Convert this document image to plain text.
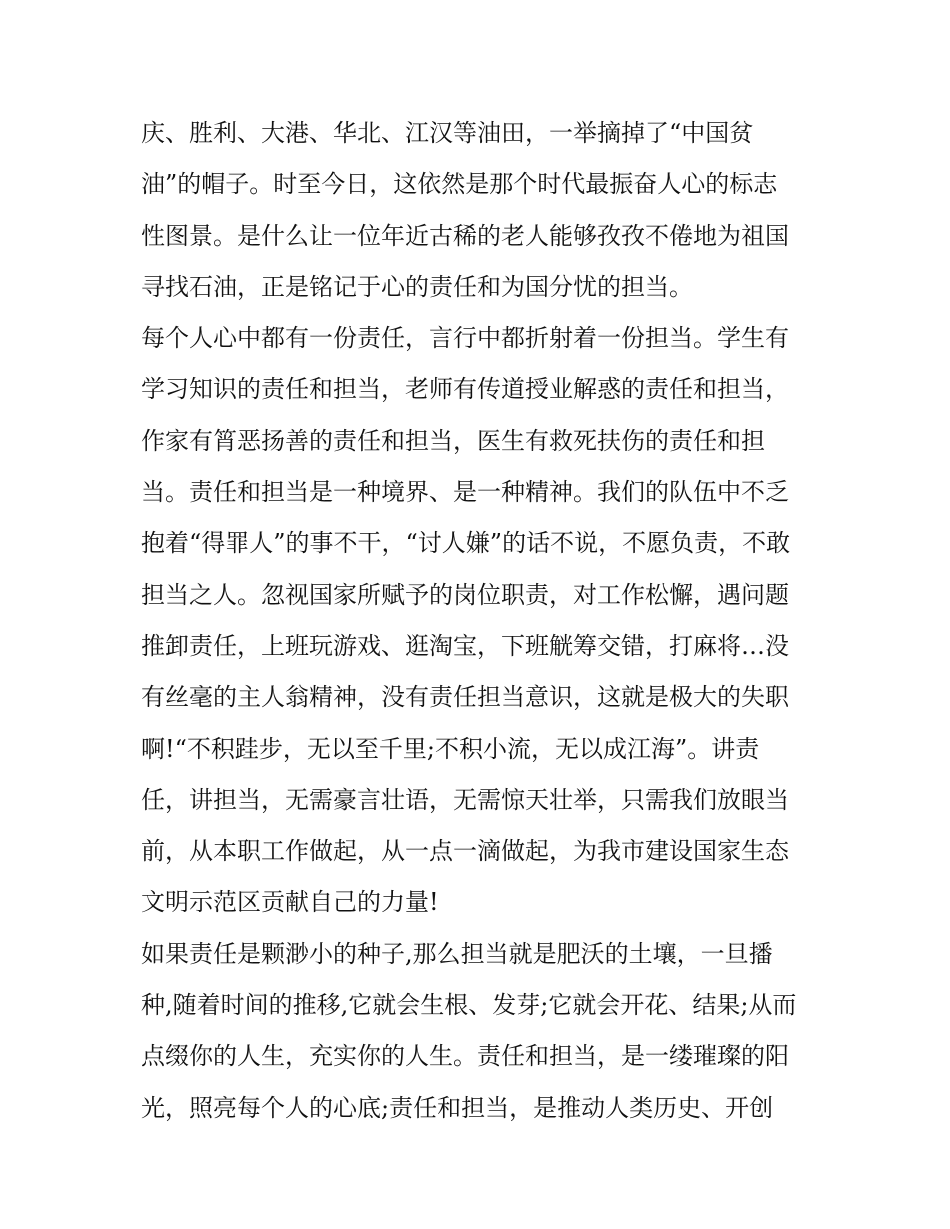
庆、胜利、大港、华北、江汉等油田，一举摘掉了“中国贫
油”的帽子。时至今日，这依然是那个时代最振奋人心的标志
性图景。是什么让一位年近古稀的老人能够孜孜不倦地为祖国
寻找石油，正是铭记于心的责任和为国分忧的担当。
每个人心中都有一份责任，言行中都折射着一份担当。学生有
学习知识的责任和担当，老师有传道授业解惑的责任和担当，
作家有筲恶扬善的责任和担当，医生有救死扶伤的责任和担
当。责任和担当是一种境界、是一种精神。我们的队伍中不乏
抱着“得罪人”的事不干，“讨人嫌”的话不说，不愿负责，不敢
担当之人。忽视国家所赋予的岗位职责，对工作松懈，遇问题
推卸责任，上班玩游戏、逛淘宝，下班觥筹交错，打麻将…没
有丝毫的主人翁精神，没有责任担当意识，这就是极大的失职
啊!“不积跬步，无以至千里;不积小流，无以成江海”。讲责
任，讲担当，无需豪言壮语，无需惊天壮举，只需我们放眼当
前，从本职工作做起，从一点一滴做起，为我市建设国家生态
文明示范区贡献自己的力量!
如果责任是颗渺小的种子,那么担当就是肥沃的土壤，一旦播
种,随着时间的推移,它就会生根、发芽;它就会开花、结果;从而
点缀你的人生，充实你的人生。责任和担当，是一缕璀璨的阳
光，照亮每个人的心底;责任和担当，是推动人类历史、开创
